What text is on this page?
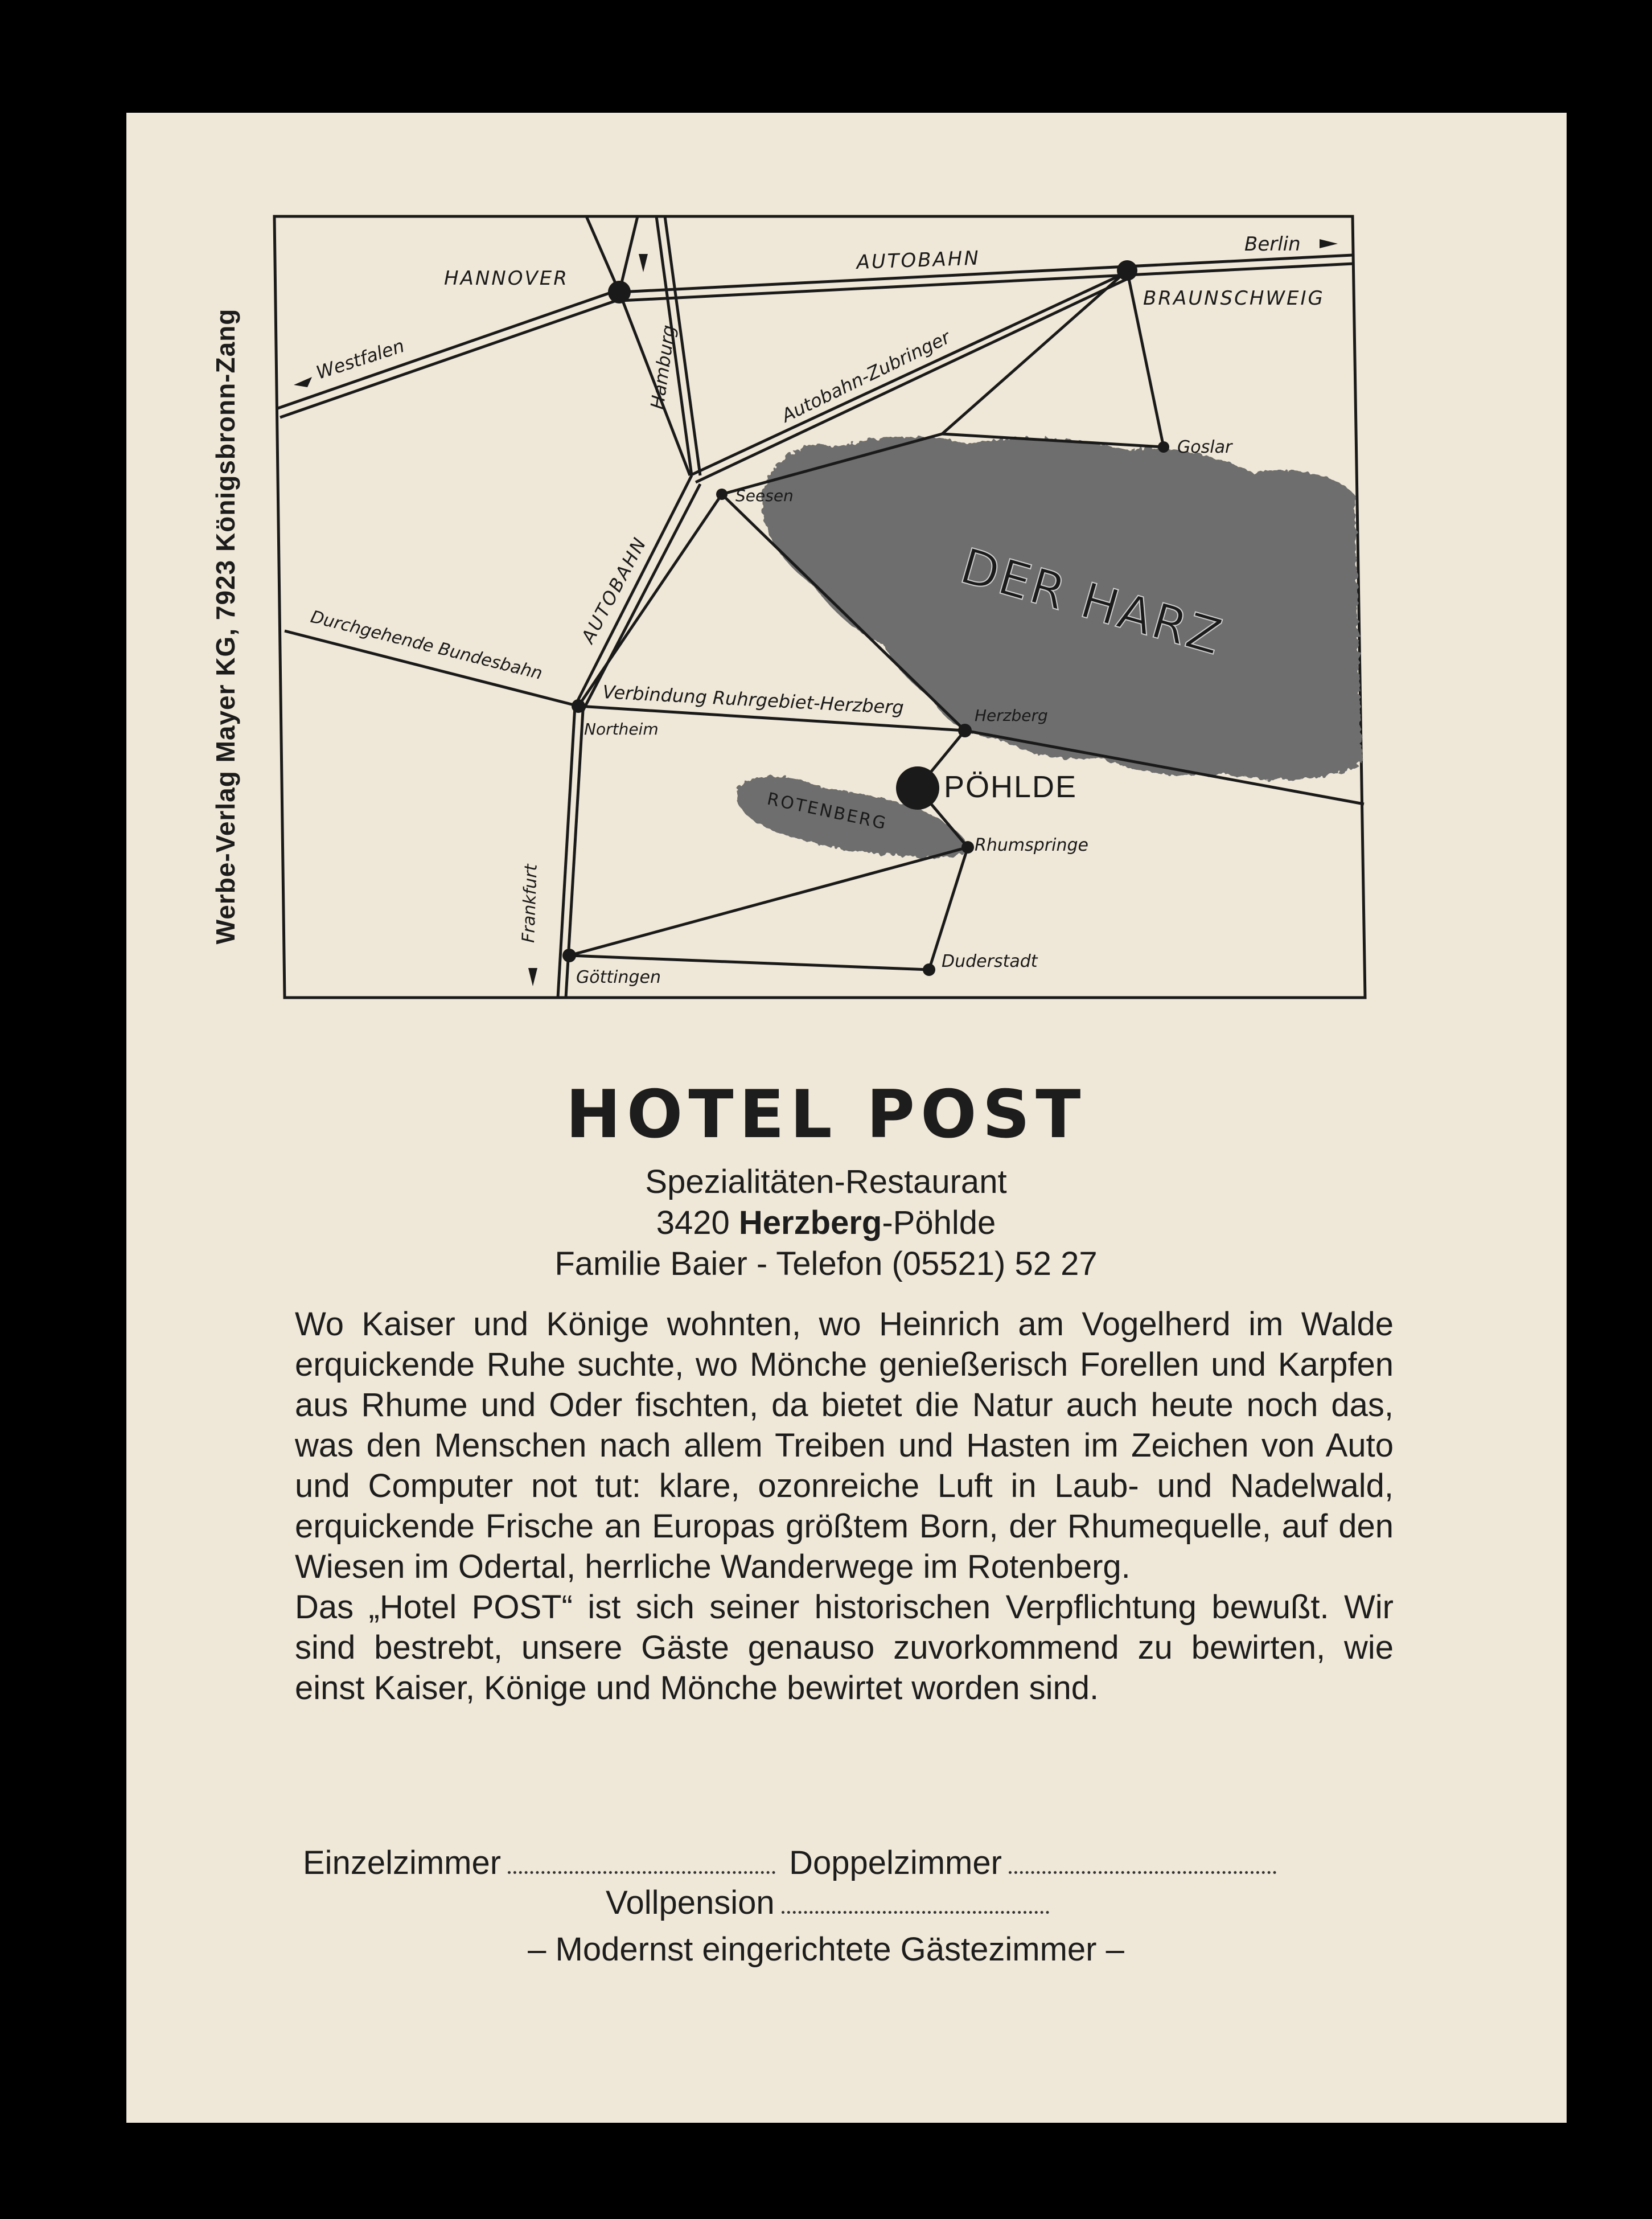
Werbe-Verlag Mayer KG, 7923 Königsbronn-Zang
Berlin
AUTOBAHN
HANNOVER
BRAUNSCHWEIG
Westfalen	Hamburg	Autobahn-Zubringer
Goslar
Seesen
DER HARZ
AUTOBAHN
Durchgehende Bundesbahn
Verbindung Ruhrgebiet-Herzberg
Northeim
Herzberg
PÖHLDE
ROTENBERG
Rhumspringe
Frankfurt
Göttingen
Duderstadt
HOTEL POST
Spezialitäten-Restaurant
3420 Herzberg-Pöhlde
Familie Baier - Telefon (05521) 52 27
Wo Kaiser und Könige wohnten, wo Heinrich am Vogelherd im Walde erquickende Ruhe suchte, wo Mönche genießerisch Forellen und Karpfen aus Rhume und Oder fischten, da bietet die Natur auch heute noch das, was den Menschen nach allem Treiben und Hasten im Zeichen von Auto und Computer not tut: klare, ozonreiche Luft in Laub- und Nadelwald, erquickende Frische an Europas größtem Born, der Rhumequelle, auf den Wiesen im Odertal, herrliche Wanderwege im Rotenberg.
Das „Hotel POST“ ist sich seiner historischen Verpflichtung bewußt. Wir sind bestrebt, unsere Gäste genauso zuvorkommend zu bewirten, wie einst Kaiser, Könige und Mönche bewirtet worden sind.
Einzelzimmer	Doppelzimmer
Vollpension
– Modernst eingerichtete Gästezimmer –
